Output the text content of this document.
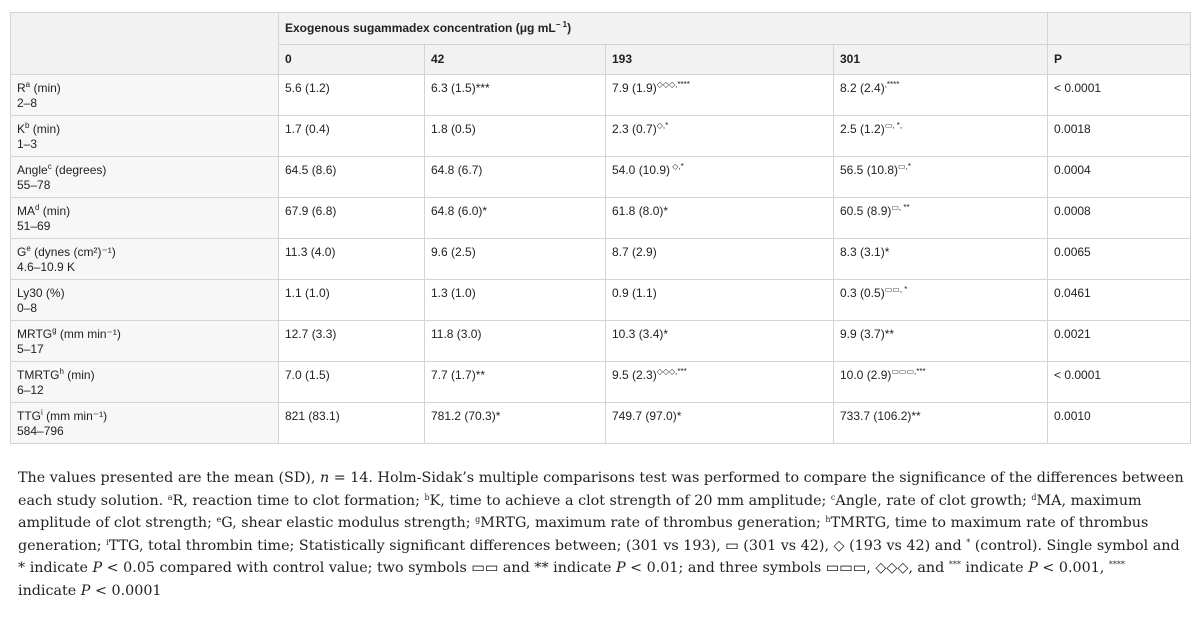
	Exogenous sugammadex concentration (μg $mL^{- 1}$)				
	0	42	193	301	P

$R^a$ (min)
2–8	5.6 (1.2)	6.3 (1.5)***	7.9 (1.9)◇◇◇,****	8.2 (2.4),****	< 0.0001

$K^b$ (min)
1–3	1.7 (0.4)	1.8 (0.5)	2.3 (0.7)◇,*	2.5 (1.2)▭, *,	0.0018

Angle$^c$ (degrees)
55–78	64.5 (8.6)	64.8 (6.7)	54.0 (10.9) ◇,*	56.5 (10.8)▭,*	0.0004

$MA^d$ (min)
51–69	67.9 (6.8)	64.8 (6.0)*	61.8 (8.0)*	60.5 (8.9)▭, **	0.0008

$G^e$ (dynes (cm²)⁻¹)
4.6–10.9 K	11.3 (4.0)	9.6 (2.5)	8.7 (2.9)	8.3 (3.1)*	0.0065

Ly30 (%)
0–8	1.1 (1.0)	1.3 (1.0)	0.9 (1.1)	0.3 (0.5)▭▭, *	0.0461

MRTG$^g$ (mm min⁻¹)
5–17	12.7 (3.3)	11.8 (3.0)	10.3 (3.4)*	9.9 (3.7)**	0.0021

TMRTG$^h$ (min)
6–12	7.0 (1.5)	7.7 (1.7)**	9.5 (2.3)◇◇◇,***	10.0 (2.9)▭▭▭,***	< 0.0001

TTG$^i$ (mm min⁻¹)
584–796	821 (83.1)	781.2 (70.3)*	749.7 (97.0)*	733.7 (106.2)**	0.0010

The values presented are the mean (SD), n = 14. Holm-Sidak’s multiple comparisons test was performed to compare the significance of the differences between each study solution. $^a$R, reaction time to clot formation; $^b$K, time to achieve a clot strength of 20 mm amplitude; $^c$Angle, rate of clot growth; $^d$MA, maximum amplitude of clot strength; $^e$G, shear elastic modulus strength; $^g$MRTG, maximum rate of thrombus generation; $^h$TMRTG, time to maximum rate of thrombus generation; $^i$TTG, total thrombin time; Statistically significant differences between; (301 vs 193), ▭ (301 vs 42), ◇ (193 vs 42) and * (control). Single symbol and * indicate P < 0.05 compared with control value; two symbols ▭▭ and ** indicate P < 0.01; and three symbols ▭▭▭, ◇◇◇, and *** indicate P < 0.001, **** indicate P < 0.0001
